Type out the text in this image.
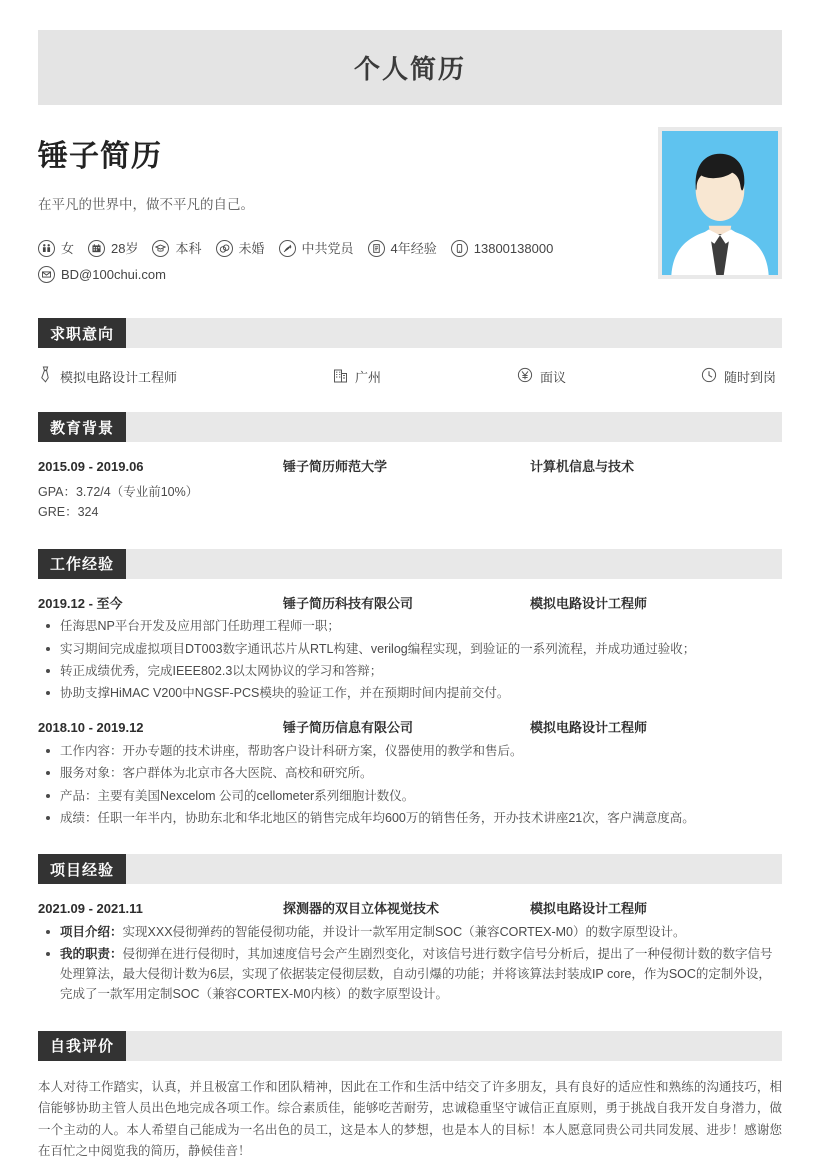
个人简历
锤子简历
在平凡的世界中，做不平凡的自己。
女	28岁	本科	未婚	中共党员	4年经验	13800138000
BD@100chui.com
求职意向
模拟电路设计工程师	广州	面议	随时到岗
教育背景
2015.09 - 2019.06	锤子简历师范大学	计算机信息与技术
GPA：3.72/4（专业前10%）
GRE：324
工作经验
2019.12 - 至今	锤子简历科技有限公司	模拟电路设计工程师
任海思NP平台开发及应用部门任助理工程师一职；
实习期间完成虚拟项目DT003数字通讯芯片从RTL构建、verilog编程实现，到验证的一系列流程，并成功通过验收；
转正成绩优秀，完成IEEE802.3以太网协议的学习和答辩；
协助支撑HiMAC V200中NGSF-PCS模块的验证工作，并在预期时间内提前交付。
2018.10 - 2019.12	锤子简历信息有限公司	模拟电路设计工程师
工作内容：开办专题的技术讲座，帮助客户设计科研方案，仪器使用的教学和售后。
服务对象：客户群体为北京市各大医院、高校和研究所。
产品：主要有美国Nexcelom 公司的cellometer系列细胞计数仪。
成绩：任职一年半内，协助东北和华北地区的销售完成年均600万的销售任务，开办技术讲座21次，客户满意度高。
项目经验
2021.09 - 2021.11	探测器的双目立体视觉技术	模拟电路设计工程师
项目介绍：实现XXX侵彻弹药的智能侵彻功能，并设计一款军用定制SOC（兼容CORTEX-M0）的数字原型设计。
我的职责：侵彻弹在进行侵彻时，其加速度信号会产生剧烈变化，对该信号进行数字信号分析后，提出了一种侵彻计数的数字信号处理算法，最大侵彻计数为6层，实现了依据装定侵彻层数，自动引爆的功能；并将该算法封装成IP core，作为SOC的定制外设，完成了一款军用定制SOC（兼容CORTEX-M0内核）的数字原型设计。
自我评价
本人对待工作踏实，认真，并且极富工作和团队精神，因此在工作和生活中结交了许多朋友，具有良好的适应性和熟练的沟通技巧，相信能够协助主管人员出色地完成各项工作。综合素质佳，能够吃苦耐劳，忠诚稳重坚守诚信正直原则，勇于挑战自我开发自身潜力，做一个主动的人。本人希望自己能成为一名出色的员工，这是本人的梦想，也是本人的目标！本人愿意同贵公司共同发展、进步！感谢您在百忙之中阅览我的简历，静候佳音！
